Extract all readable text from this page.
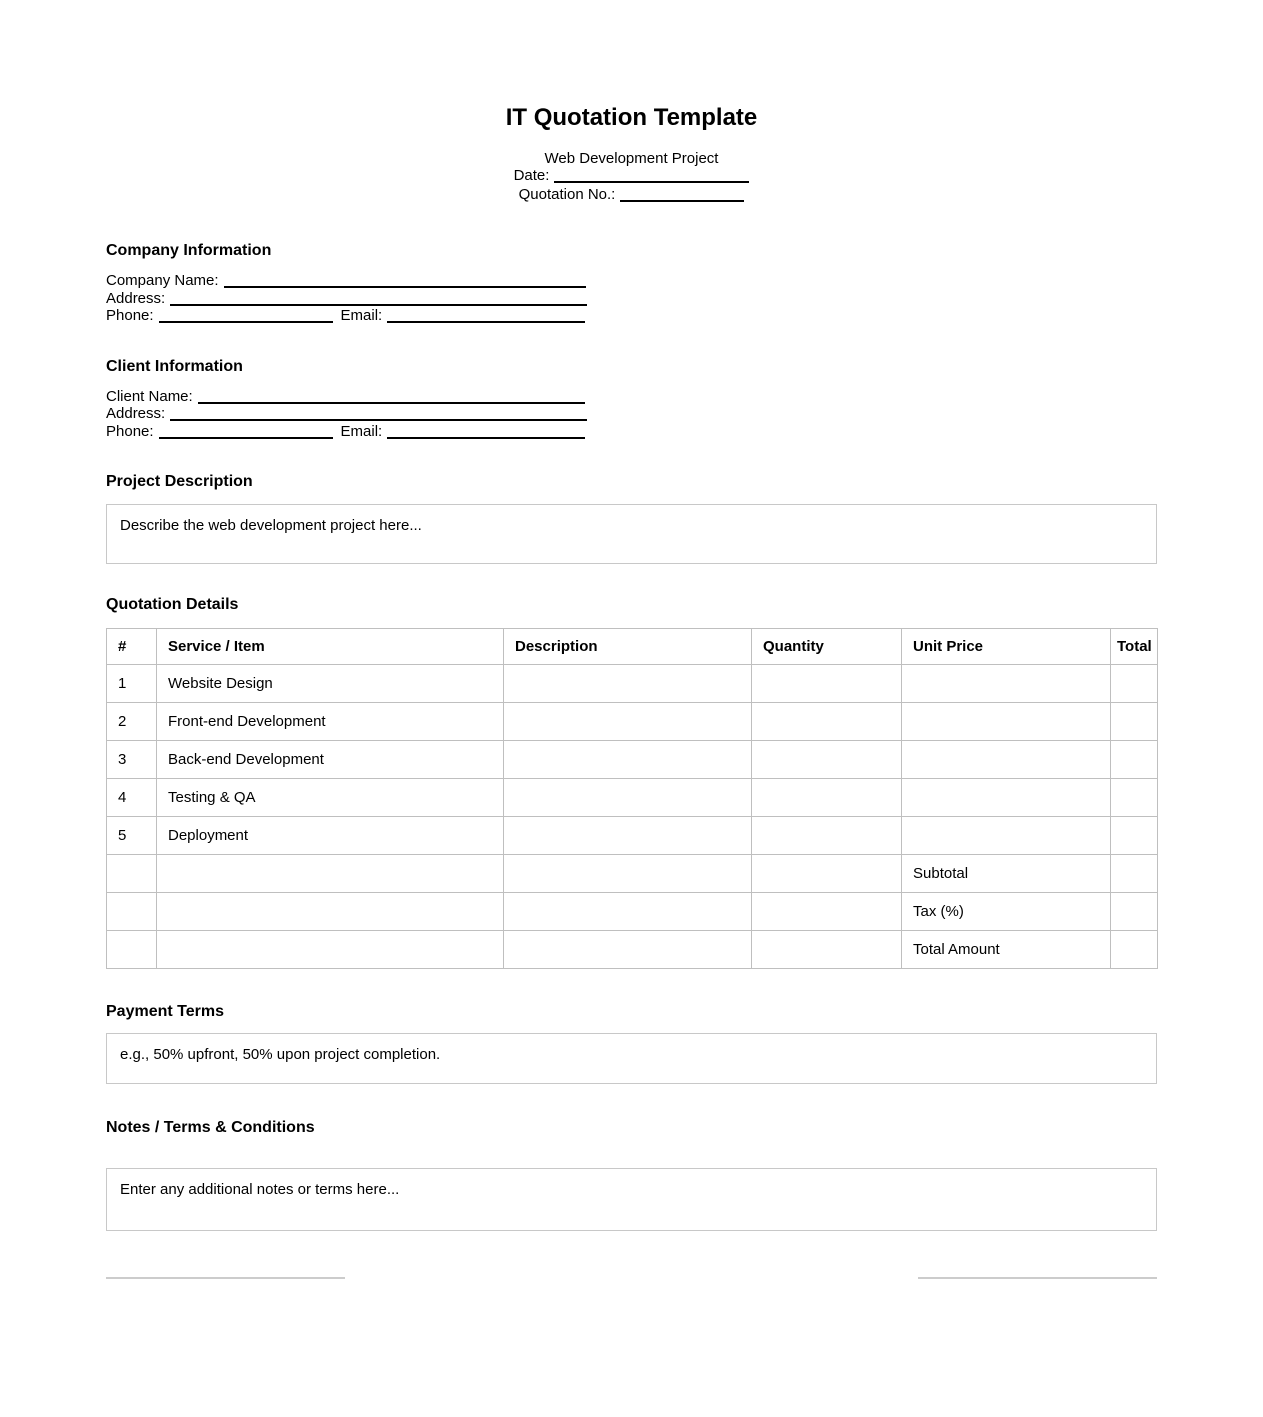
IT Quotation Template

Web Development Project

Date:

Quotation No.:

Company Information
Company Name:
Address:
Phone:	Email:
Client Information
Client Name:
Address:
Phone:	Email:
Project Description
Describe the web development project here...
Quotation Details
#	Service / Item	Description	Quantity	Unit Price	Total
1	Website Design				
2	Front-end Development				
3	Back-end Development				
4	Testing & QA				
5	Deployment				
				Subtotal	
				Tax (%)	
				Total Amount	
Payment Terms
e.g., 50% upfront, 50% upon project completion.
Notes / Terms & Conditions
Enter any additional notes or terms here...
